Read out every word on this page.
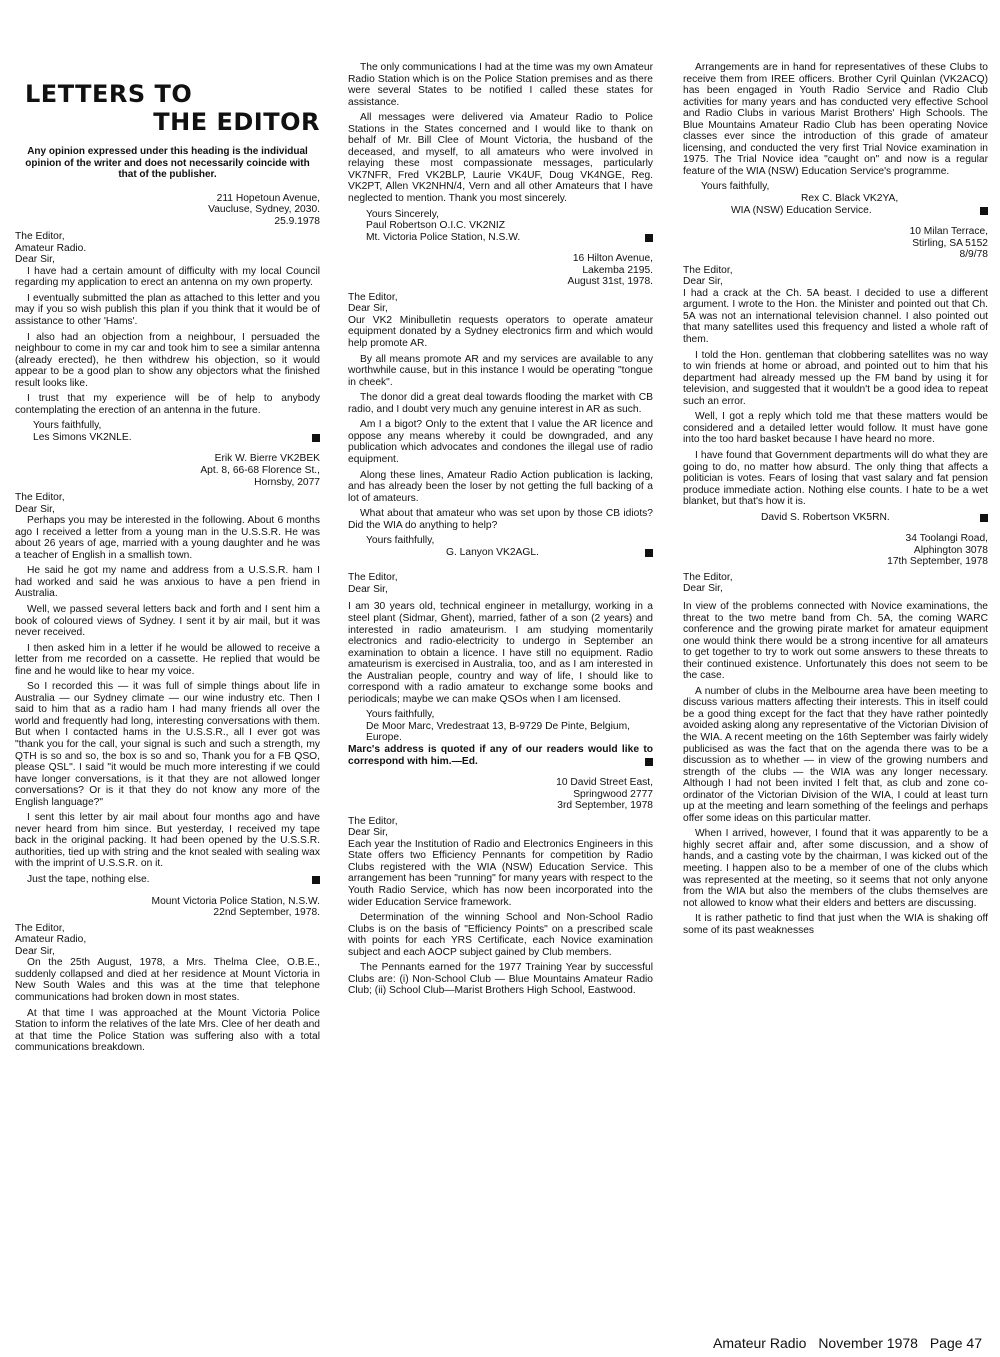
LETTERS TO
THE EDITOR
Any opinion expressed under this heading is the individual opinion of the writer and does not necessarily coincide with that of the publisher.
211 Hopetoun Avenue,
Vaucluse, Sydney, 2030.
25.9.1978
The Editor,
Amateur Radio.
Dear Sir,

I have had a certain amount of difficulty with my local Council regarding my application to erect an antenna on my own property.

I eventually submitted the plan as attached to this letter and you may if you so wish publish this plan if you think that it would be of assistance to other 'Hams'.

I also had an objection from a neighbour, I persuaded the neighbour to come in my car and took him to see a similar antenna (already erected), he then withdrew his objection, so it would appear to be a good plan to show any objectors what the finished result looks like.

I trust that my experience will be of help to anybody contemplating the erection of an antenna in the future.

Yours faithfully,
Les Simons VK2NLE.
Erik W. Bierre VK2BEK
Apt. 8, 66-68 Florence St.,
Hornsby, 2077
The Editor,
Dear Sir,

Perhaps you may be interested in the following. About 6 months ago I received a letter from a young man in the U.S.S.R. He was about 26 years of age, married with a young daughter and he was a teacher of English in a smallish town.

He said he got my name and address from a U.S.S.R. ham I had worked and said he was anxious to have a pen friend in Australia.

Well, we passed several letters back and forth and I sent him a book of coloured views of Sydney. I sent it by air mail, but it was never received.

I then asked him in a letter if he would be allowed to receive a letter from me recorded on a cassette. He replied that would be fine and he would like to hear my voice.

So I recorded this — it was full of simple things about life in Australia — our Sydney climate — our wine industry etc. Then I said to him that as a radio ham I had many friends all over the world and frequently had long, interesting conversations with them. But when I contacted hams in the U.S.S.R., all I ever got was "thank you for the call, your signal is such and such a strength, my QTH is so and so, the box is so and so, Thank you for a FB QSO, please QSL". I said "it would be much more interesting if we could have longer conversations, is it that they are not allowed longer conversations? Or is it that they do not know any more of the English language?"

I sent this letter by air mail about four months ago and have never heard from him since. But yesterday, I received my tape back in the original packing. It had been opened by the U.S.S.R. authorities, tied up with string and the knot sealed with sealing wax with the imprint of U.S.S.R. on it.

Just the tape, nothing else.

Mount Victoria Police Station, N.S.W.
22nd September, 1978.
The Editor,
Amateur Radio,
Dear Sir,

On the 25th August, 1978, a Mrs. Thelma Clee, O.B.E., suddenly collapsed and died at her residence at Mount Victoria in New South Wales and this was at the time that telephone communications had broken down in most states.

At that time I was approached at the Mount Victoria Police Station to inform the relatives of the late Mrs. Clee of her death and at that time the Police Station was suffering also with a total communications breakdown.

The only communications I had at the time was my own Amateur Radio Station which is on the Police Station premises and as there were several States to be notified I called these states for assistance.

All messages were delivered via Amateur Radio to Police Stations in the States concerned and I would like to thank on behalf of Mr. Bill Clee of Mount Victoria, the husband of the deceased, and myself, to all amateurs who were involved in relaying these most compassionate messages, particularly VK7NFR, Fred VK2BLP, Laurie VK4UF, Doug VK4NGE, Reg. VK2PT, Allen VK2NHN/4, Vern and all other Amateurs that I have neglected to mention. Thank you most sincerely.

Yours Sincerely,
Paul Robertson O.I.C. VK2NIZ
Mt. Victoria Police Station, N.S.W.
16 Hilton Avenue,
Lakemba 2195.
August 31st, 1978.
The Editor,
Dear Sir,

Our VK2 Minibulletin requests operators to operate amateur equipment donated by a Sydney electronics firm and which would help promote AR.

By all means promote AR and my services are available to any worthwhile cause, but in this instance I would be operating "tongue in cheek".

The donor did a great deal towards flooding the market with CB radio, and I doubt very much any genuine interest in AR as such.

Am I a bigot? Only to the extent that I value the AR licence and oppose any means whereby it could be downgraded, and any publication which advocates and condones the illegal use of radio equipment.

Along these lines, Amateur Radio Action publication is lacking, and has already been the loser by not getting the full backing of a lot of amateurs.

What about that amateur who was set upon by those CB idiots? Did the WIA do anything to help?

Yours faithfully,
G. Lanyon VK2AGL.
The Editor,
Dear Sir,

I am 30 years old, technical engineer in metallurgy, working in a steel plant (Sidmar, Ghent), married, father of a son (2 years) and interested in radio amateurism. I am studying momentarily electronics and radio-electricity to undergo in September an examination to obtain a licence. I have still no equipment. Radio amateurism is exercised in Australia, too, and as I am interested in the Australian people, country and way of life, I should like to correspond with a radio amateur to exchange some books and periodicals; maybe we can make QSOs when I am licensed.

Yours faithfully,
De Moor Marc, Vredestraat 13, B-9729 De Pinte, Belgium, Europe.

Marc's address is quoted if any of our readers would like to correspond with him.—Ed.

10 David Street East,
Springwood 2777
3rd September, 1978
The Editor,
Dear Sir,

Each year the Institution of Radio and Electronics Engineers in this State offers two Efficiency Pennants for competition by Radio Clubs registered with the WIA (NSW) Education Service. This arrangement has been "running" for many years with respect to the Youth Radio Service, which has now been incorporated into the wider Education Service framework.

Determination of the winning School and Non-School Radio Clubs is on the basis of "Efficiency Points" on a prescribed scale with points for each YRS Certificate, each Novice examination subject and each AOCP subject gained by Club members.

The Pennants earned for the 1977 Training Year by successful Clubs are: (i) Non-School Club — Blue Mountains Amateur Radio Club; (ii) School Club—Marist Brothers High School, Eastwood.

Arrangements are in hand for representatives of these Clubs to receive them from IREE officers. Brother Cyril Quinlan (VK2ACQ) has been engaged in Youth Radio Service and Radio Club activities for many years and has conducted very effective School and Radio Clubs in various Marist Brothers' High Schools. The Blue Mountains Amateur Radio Club has been operating Novice classes ever since the introduction of this grade of amateur licensing, and conducted the very first Trial Novice examination in 1975. The Trial Novice idea "caught on" and now is a regular feature of the WIA (NSW) Education Service's programme.

Yours faithfully,
Rex C. Black VK2YA,
WIA (NSW) Education Service.
10 Milan Terrace,
Stirling, SA 5152
8/9/78
The Editor,
Dear Sir,

I had a crack at the Ch. 5A beast. I decided to use a different argument. I wrote to the Hon. the Minister and pointed out that Ch. 5A was not an international television channel. I also pointed out that many satellites used this frequency and listed a whole raft of them.

I told the Hon. gentleman that clobbering satellites was no way to win friends at home or abroad, and pointed out to him that his department had already messed up the FM band by using it for television, and suggested that it wouldn't be a good idea to repeat such an error.

Well, I got a reply which told me that these matters would be considered and a detailed letter would follow. It must have gone into the too hard basket because I have heard no more.

I have found that Government departments will do what they are going to do, no matter how absurd. The only thing that affects a politician is votes. Fears of losing that vast salary and fat pension produce immediate action. Nothing else counts. I hate to be a wet blanket, but that's how it is.

David S. Robertson VK5RN.
34 Toolangi Road,
Alphington 3078
17th September, 1978
The Editor,
Dear Sir,

In view of the problems connected with Novice examinations, the threat to the two metre band from Ch. 5A, the coming WARC conference and the growing pirate market for amateur equipment one would think there would be a strong incentive for all amateurs to get together to try to work out some answers to these threats to their continued existence. Unfortunately this does not seem to be the case.

A number of clubs in the Melbourne area have been meeting to discuss various matters affecting their interests. This in itself could be a good thing except for the fact that they have rather pointedly avoided asking along any representative of the Victorian Division of the WIA. A recent meeting on the 16th September was fairly widely publicised as was the fact that on the agenda there was to be a discussion as to whether — in view of the growing numbers and strength of the clubs — the WIA was any longer necessary. Although I had not been invited I felt that, as club and zone co-ordinator of the Victorian Division of the WIA, I could at least turn up at the meeting and learn something of the feelings and perhaps offer some ideas on this particular matter.

When I arrived, however, I found that it was apparently to be a highly secret affair and, after some discussion, and a show of hands, and a casting vote by the chairman, I was kicked out of the meeting. I happen also to be a member of one of the clubs which was represented at the meeting, so it seems that not only anyone from the WIA but also the members of the clubs themselves are not allowed to know what their elders and betters are discussing.

It is rather pathetic to find that just when the WIA is shaking off some of its past weaknesses

Amateur Radio November 1978 Page 47
